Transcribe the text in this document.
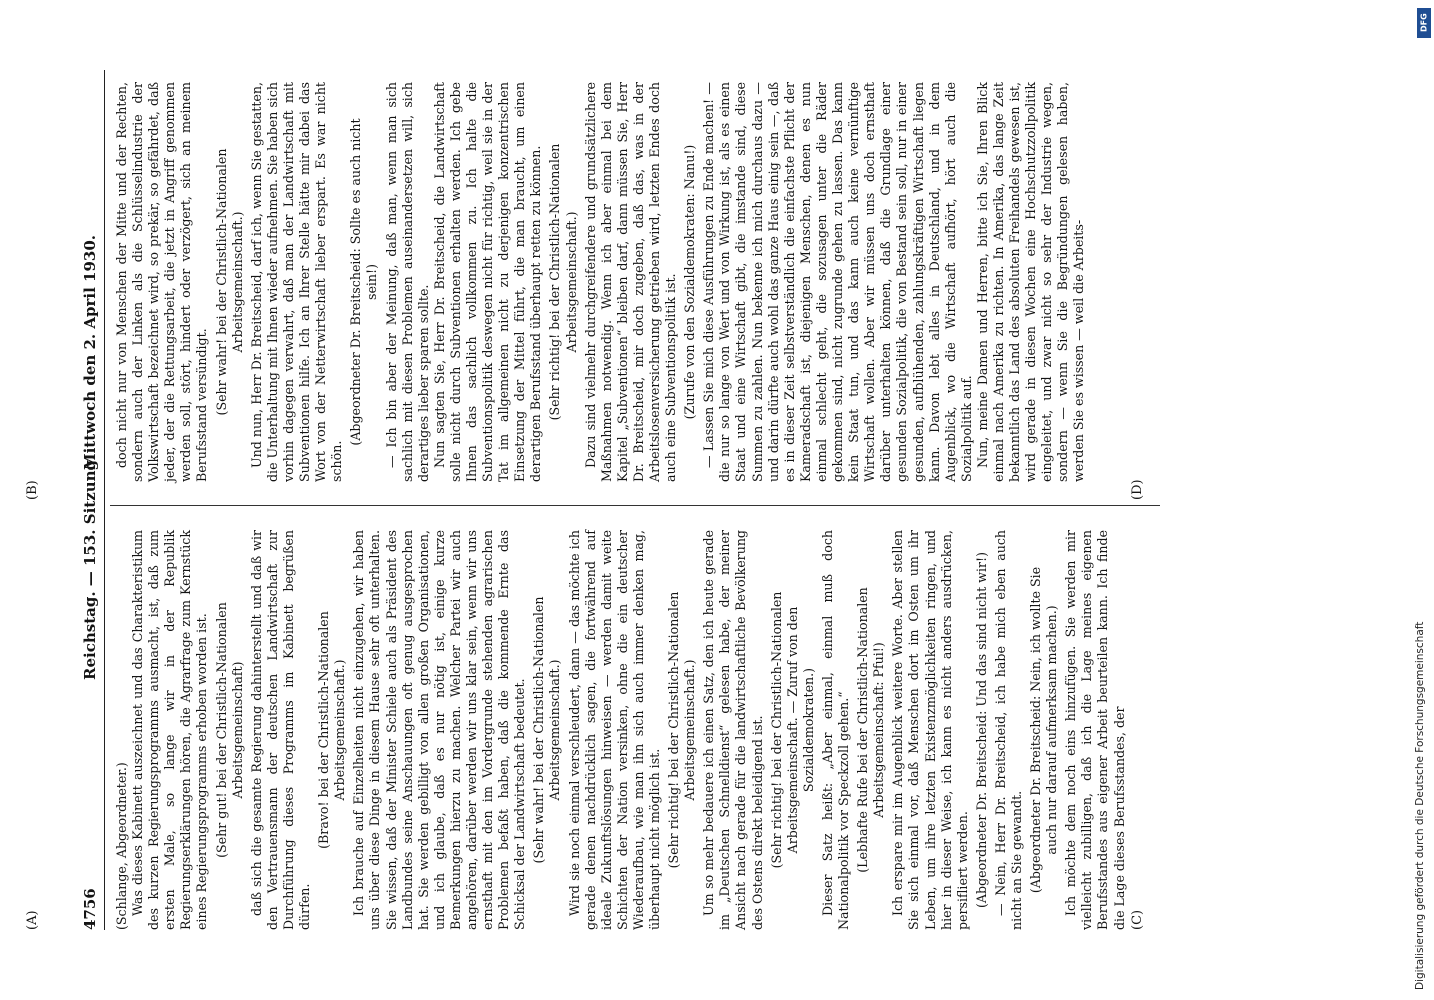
4756
Reichstag. — 153. Sitzung.
Mittwoch den 2. April 1930.
(A)
(B)
(C)
(D)

(Schlange, Abgeordneter.) Was dieses Kabinett auszeichnet und das Charakteristikum des kurzen Regierungsprogramms ausmacht, ist, daß zum ersten Male, so lange wir in der Republik Regierungserklärungen hören, die Agrarfrage zum Kernstück eines Regierungsprogramms erhoben worden ist. (Sehr gut! bei der Christlich-Nationalen Arbeitsgemeinschaft) daß sich die gesamte Regierung dahinterstellt und daß wir den Vertrauensmann der deutschen Landwirtschaft zur Durchführung dieses Programms im Kabinett begrüßen dürfen.

(Bravo! bei der Christlich-Nationalen Arbeitsgemeinschaft.) Ich brauche auf Einzelheiten nicht einzugehen, wir haben uns über diese Dinge in diesem Hause sehr oft unterhalten. Sie wissen, daß der Minister Schiele auch als Präsident des Landbundes seine Anschauungen oft genug ausgesprochen hat. Sie werden gebilligt von allen großen Organisationen, und ich glaube, daß es nur nötig ist, einige kurze Bemerkungen hierzu zu machen. Welcher Partei wir auch angehören, darüber werden wir uns klar sein, wenn wir uns ernsthaft mit den im Vordergrunde stehenden agrarischen Problemen befaßt haben, daß die kommende Ernte das Schicksal der Landwirtschaft bedeutet. (Sehr wahr! bei der Christlich-Nationalen Arbeitsgemeinschaft.) Wird sie noch einmal verschleudert, dann — das möchte ich gerade denen nachdrücklich sagen, die fortwährend auf ideale Zukunftslösungen hinweisen — werden damit weite Schichten der Nation versinken, ohne die ein deutscher Wiederaufbau, wie man ihn sich auch immer denken mag, überhaupt nicht möglich ist. (Sehr richtig! bei der Christlich-Nationalen Arbeitsgemeinschaft.) Um so mehr bedauere ich einen Satz, den ich heute gerade im „Deutschen Schnelldienst“ gelesen habe, der meiner Ansicht nach gerade für die landwirtschaftliche Bevölkerung des Ostens direkt beleidigend ist. (Sehr richtig! bei der Christlich-Nationalen Arbeitsgemeinschaft. — Zuruf von den Sozialdemokraten.) Dieser Satz heißt: „Aber einmal, einmal muß doch Nationalpolitik vor Speckzoll gehen.“ (Lebhafte Rufe bei der Christlich-Nationalen Arbeitsgemeinschaft: Pfui!) Ich erspare mir im Augenblick weitere Worte. Aber stellen Sie sich einmal vor, daß Menschen dort im Osten um ihr Leben, um ihre letzten Existenzmöglichkeiten ringen, und hier in dieser Weise, ich kann es nicht anders ausdrücken, persifliert werden. (Abgeordneter Dr. Breitscheid: Und das sind nicht wir!) — Nein, Herr Dr. Breitscheid, ich habe mich eben auch nicht an Sie gewandt. (Abgeordneter Dr. Breitscheid: Nein, ich wollte Sie auch nur darauf aufmerksam machen.) Ich möchte dem noch eins hinzufügen. Sie werden mir vielleicht zubilligen, daß ich die Lage meines eigenen Berufsstandes aus eigener Arbeit beurteilen kann. Ich finde die Lage dieses Berufsstandes, der

doch nicht nur von Menschen der Mitte und der Rechten, sondern auch der Linken als die Schlüsselindustrie der Volkswirtschaft bezeichnet wird, so prekär, so gefährdet, daß jeder, der die Rettungsarbeit, die jetzt in Angriff genommen werden soll, stört, hindert oder verzögert, sich an meinem Berufsstand versündigt. (Sehr wahr! bei der Christlich-Nationalen Arbeitsgemeinschaft.) Und nun, Herr Dr. Breitscheid, darf ich, wenn Sie gestatten, die Unterhaltung mit Ihnen wieder aufnehmen. Sie haben sich vorhin dagegen verwahrt, daß man der Landwirtschaft mit Subventionen hilfe. Ich an Ihrer Stelle hätte mir dabei das Wort von der Netterwirtschaft lieber erspart. Es war nicht schön.

(Abgeordneter Dr. Breitscheid: Sollte es auch nicht sein!) — Ich bin aber der Meinung, daß man, wenn man sich sachlich mit diesen Problemen auseinandersetzen will, sich derartiges lieber sparen sollte. Nun sagten Sie, Herr Dr. Breitscheid, die Landwirtschaft solle nicht durch Subventionen erhalten werden. Ich gebe Ihnen das sachlich vollkommen zu. Ich halte die Subventionspolitik deswegen nicht für richtig, weil sie in der Tat im allgemeinen nicht zu derjenigen konzentrischen Einsetzung der Mittel führt, die man braucht, um einen derartigen Berufsstand überhaupt retten zu können. (Sehr richtig! bei der Christlich-Nationalen Arbeitsgemeinschaft.) Dazu sind vielmehr durchgreifendere und grundsätzlichere Maßnahmen notwendig. Wenn ich aber einmal bei dem Kapitel „Subventionen“ bleiben darf, dann müssen Sie, Herr Dr. Breitscheid, mir doch zugeben, daß das, was in der Arbeitslosenversicherung getrieben wird, letzten Endes doch auch eine Subventionspolitik ist. (Zurufe von den Sozialdemokraten: Nanu!) — Lassen Sie mich diese Ausführungen zu Ende machen! — die nur so lange von Wert und von Wirkung ist, als es einen Staat und eine Wirtschaft gibt, die imstande sind, diese Summen zu zahlen. Nun bekenne ich mich durchaus dazu — und darin dürfte auch wohl das ganze Haus einig sein —, daß es in dieser Zeit selbstverständlich die einfachste Pflicht der Kameradschaft ist, diejenigen Menschen, denen es nun einmal schlecht geht, die sozusagen unter die Räder gekommen sind, nicht zugrunde gehen zu lassen. Das kann kein Staat tun, und das kann auch keine vernünftige Wirtschaft wollen. Aber wir müssen uns doch ernsthaft darüber unterhalten können, daß die Grundlage einer gesunden Sozialpolitik, die von Bestand sein soll, nur in einer gesunden, aufblühenden, zahlungskräftigen Wirtschaft liegen kann. Davon lebt alles in Deutschland, und in dem Augenblick, wo die Wirtschaft aufhört, hört auch die Sozialpolitik auf. Nun, meine Damen und Herren, bitte ich Sie, Ihren Blick einmal nach Amerika zu richten. In Amerika, das lange Zeit bekanntlich das Land des absoluten Freihandels gewesen ist, wird gerade in diesen Wochen eine Hochschutzzollpolitik eingeleitet, und zwar nicht so sehr der Industrie wegen, sondern — wenn Sie die Begründungen gelesen haben, werden Sie es wissen — weil die Arbeits-

Digitalisierung gefördert durch die Deutsche Forschungsgemeinschaft
DFG
